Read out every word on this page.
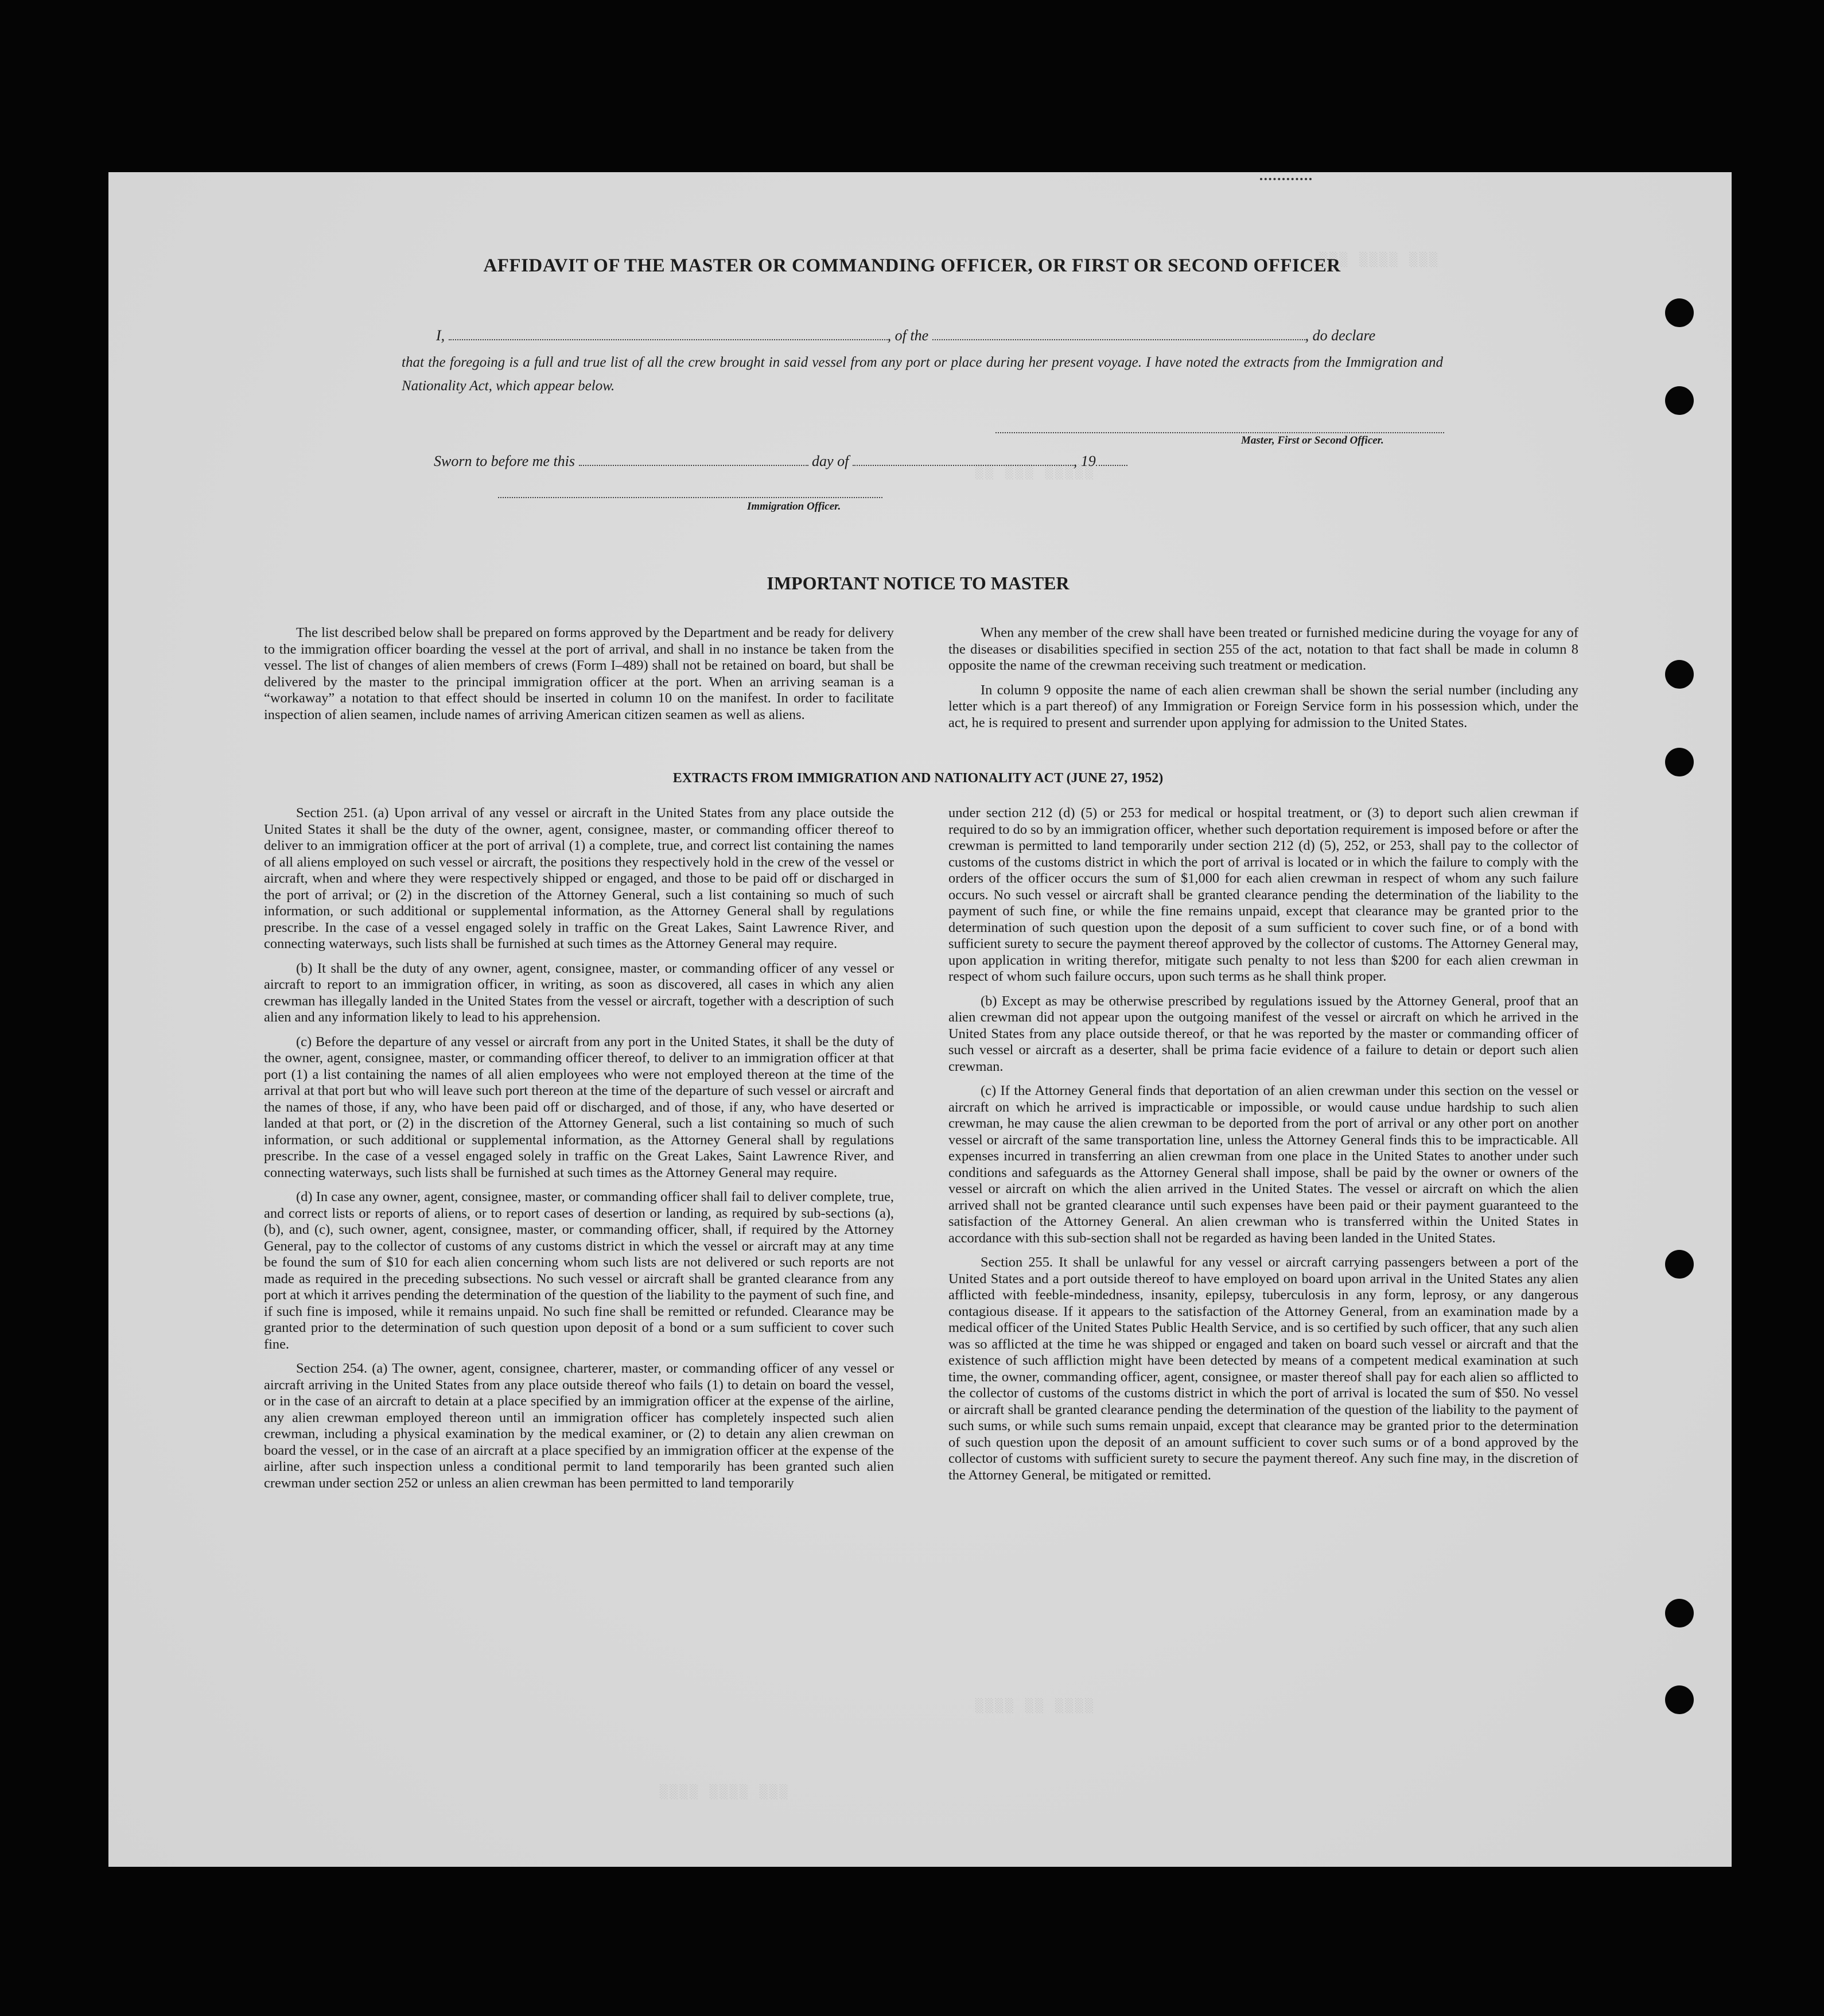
░░░ ░░░░ ░░░
░░ ░░░ ░░░░░
░░░░ ░░ ░░░░
░░░░ ░░░░ ░░░
AFFIDAVIT OF THE MASTER OR COMMANDING OFFICER, OR FIRST OR SECOND OFFICER
I,	, of the	, do declare
that the foregoing is a full and true list of all the crew brought in said vessel from any port or place during her present voyage. I have noted the extracts from the Immigration and Nationality Act, which appear below.
Master, First or Second Officer.
Sworn to before me this	day of	, 19
Immigration Officer.
IMPORTANT NOTICE TO MASTER

The list described below shall be prepared on forms approved by the Department and be ready for delivery to the immigration officer boarding the vessel at the port of arrival, and shall in no instance be taken from the vessel. The list of changes of alien members of crews (Form I–489) shall not be retained on board, but shall be delivered by the master to the principal immigration officer at the port. When an arriving seaman is a “workaway” a notation to that effect should be inserted in column 10 on the manifest. In order to facilitate inspection of alien seamen, include names of arriving American citizen seamen as well as aliens.

When any member of the crew shall have been treated or furnished medicine during the voyage for any of the diseases or disabilities specified in section 255 of the act, notation to that fact shall be made in column 8 opposite the name of the crewman receiving such treatment or medication.

In column 9 opposite the name of each alien crewman shall be shown the serial number (including any letter which is a part thereof) of any Immigration or Foreign Service form in his possession which, under the act, he is required to present and surrender upon applying for admission to the United States.

EXTRACTS FROM IMMIGRATION AND NATIONALITY ACT (JUNE 27, 1952)

Section 251. (a) Upon arrival of any vessel or aircraft in the United States from any place outside the United States it shall be the duty of the owner, agent, consignee, master, or commanding officer thereof to deliver to an immigration officer at the port of arrival (1) a complete, true, and correct list containing the names of all aliens employed on such vessel or aircraft, the positions they respectively hold in the crew of the vessel or aircraft, when and where they were respectively shipped or engaged, and those to be paid off or discharged in the port of arrival; or (2) in the discretion of the Attorney General, such a list containing so much of such information, or such additional or supplemental information, as the Attorney General shall by regulations prescribe. In the case of a vessel engaged solely in traffic on the Great Lakes, Saint Lawrence River, and connecting waterways, such lists shall be furnished at such times as the Attorney General may require.

(b) It shall be the duty of any owner, agent, consignee, master, or commanding officer of any vessel or aircraft to report to an immigration officer, in writing, as soon as discovered, all cases in which any alien crewman has illegally landed in the United States from the vessel or aircraft, together with a description of such alien and any information likely to lead to his apprehension.

(c) Before the departure of any vessel or aircraft from any port in the United States, it shall be the duty of the owner, agent, consignee, master, or commanding officer thereof, to deliver to an immigration officer at that port (1) a list containing the names of all alien employees who were not employed thereon at the time of the arrival at that port but who will leave such port thereon at the time of the departure of such vessel or aircraft and the names of those, if any, who have been paid off or discharged, and of those, if any, who have deserted or landed at that port, or (2) in the discretion of the Attorney General, such a list containing so much of such information, or such additional or supplemental information, as the Attorney General shall by regulations prescribe. In the case of a vessel engaged solely in traffic on the Great Lakes, Saint Lawrence River, and connecting waterways, such lists shall be furnished at such times as the Attorney General may require.

(d) In case any owner, agent, consignee, master, or commanding officer shall fail to deliver complete, true, and correct lists or reports of aliens, or to report cases of desertion or landing, as required by sub-sections (a), (b), and (c), such owner, agent, consignee, master, or commanding officer, shall, if required by the Attorney General, pay to the collector of customs of any customs district in which the vessel or aircraft may at any time be found the sum of $10 for each alien concerning whom such lists are not delivered or such reports are not made as required in the preceding subsections. No such vessel or aircraft shall be granted clearance from any port at which it arrives pending the determination of the question of the liability to the payment of such fine, and if such fine is imposed, while it remains unpaid. No such fine shall be remitted or refunded. Clearance may be granted prior to the determination of such question upon deposit of a bond or a sum sufficient to cover such fine.

Section 254. (a) The owner, agent, consignee, charterer, master, or commanding officer of any vessel or aircraft arriving in the United States from any place outside thereof who fails (1) to detain on board the vessel, or in the case of an aircraft to detain at a place specified by an immigration officer at the expense of the airline, any alien crewman employed thereon until an immigration officer has completely inspected such alien crewman, including a physical examination by the medical examiner, or (2) to detain any alien crewman on board the vessel, or in the case of an aircraft at a place specified by an immigration officer at the expense of the airline, after such inspection unless a conditional permit to land temporarily has been granted such alien crewman under section 252 or unless an alien crewman has been permitted to land temporarily

under section 212 (d) (5) or 253 for medical or hospital treatment, or (3) to deport such alien crewman if required to do so by an immigration officer, whether such deportation requirement is imposed before or after the crewman is permitted to land temporarily under section 212 (d) (5), 252, or 253, shall pay to the collector of customs of the customs district in which the port of arrival is located or in which the failure to comply with the orders of the officer occurs the sum of $1,000 for each alien crewman in respect of whom any such failure occurs. No such vessel or aircraft shall be granted clearance pending the determination of the liability to the payment of such fine, or while the fine remains unpaid, except that clearance may be granted prior to the determination of such question upon the deposit of a sum sufficient to cover such fine, or of a bond with sufficient surety to secure the payment thereof approved by the collector of customs. The Attorney General may, upon application in writing therefor, mitigate such penalty to not less than $200 for each alien crewman in respect of whom such failure occurs, upon such terms as he shall think proper.

(b) Except as may be otherwise prescribed by regulations issued by the Attorney General, proof that an alien crewman did not appear upon the outgoing manifest of the vessel or aircraft on which he arrived in the United States from any place outside thereof, or that he was reported by the master or commanding officer of such vessel or aircraft as a deserter, shall be prima facie evidence of a failure to detain or deport such alien crewman.

(c) If the Attorney General finds that deportation of an alien crewman under this section on the vessel or aircraft on which he arrived is impracticable or impossible, or would cause undue hardship to such alien crewman, he may cause the alien crewman to be deported from the port of arrival or any other port on another vessel or aircraft of the same transportation line, unless the Attorney General finds this to be impracticable. All expenses incurred in transferring an alien crewman from one place in the United States to another under such conditions and safeguards as the Attorney General shall impose, shall be paid by the owner or owners of the vessel or aircraft on which the alien arrived in the United States. The vessel or aircraft on which the alien arrived shall not be granted clearance until such expenses have been paid or their payment guaranteed to the satisfaction of the Attorney General. An alien crewman who is transferred within the United States in accordance with this sub-section shall not be regarded as having been landed in the United States.

Section 255. It shall be unlawful for any vessel or aircraft carrying passengers between a port of the United States and a port outside thereof to have employed on board upon arrival in the United States any alien afflicted with feeble-mindedness, insanity, epilepsy, tuberculosis in any form, leprosy, or any dangerous contagious disease. If it appears to the satisfaction of the Attorney General, from an examination made by a medical officer of the United States Public Health Service, and is so certified by such officer, that any such alien was so afflicted at the time he was shipped or engaged and taken on board such vessel or aircraft and that the existence of such affliction might have been detected by means of a competent medical examination at such time, the owner, commanding officer, agent, consignee, or master thereof shall pay for each alien so afflicted to the collector of customs of the customs district in which the port of arrival is located the sum of $50. No vessel or aircraft shall be granted clearance pending the determination of the question of the liability to the payment of such sums, or while such sums remain unpaid, except that clearance may be granted prior to the determination of such question upon the deposit of an amount sufficient to cover such sums or of a bond approved by the collector of customs with sufficient surety to secure the payment thereof. Any such fine may, in the discretion of the Attorney General, be mitigated or remitted.
